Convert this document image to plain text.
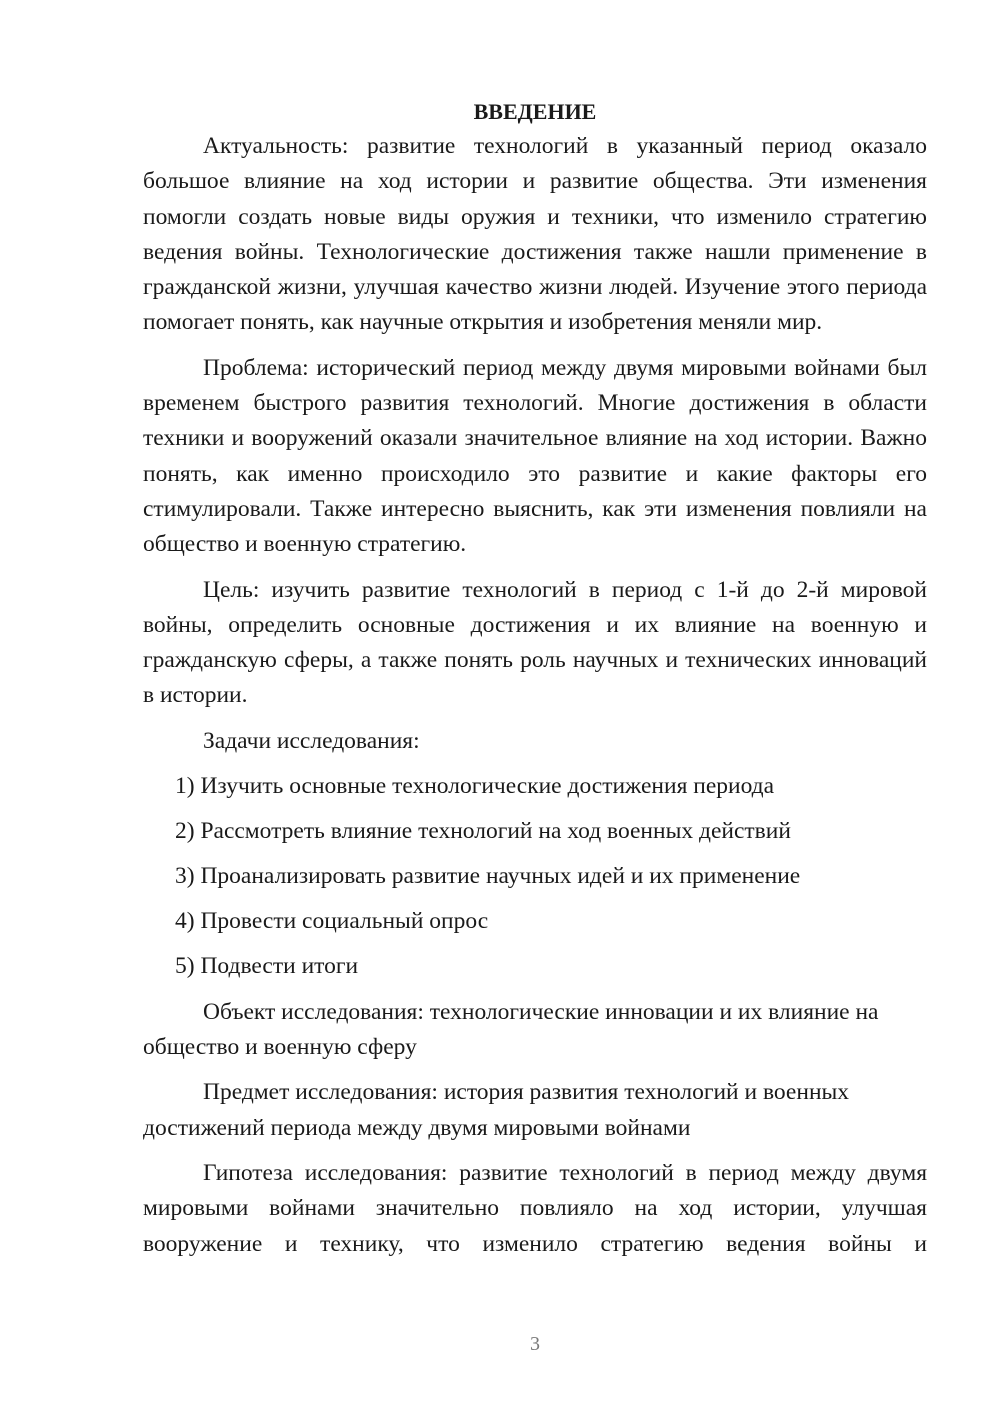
ВВЕДЕНИЕ

Актуальность: развитие технологий в указанный период оказало большое влияние на ход истории и развитие общества. Эти изменения помогли создать новые виды оружия и техники, что изменило стратегию ведения войны. Технологические достижения также нашли применение в гражданской жизни, улучшая качество жизни людей. Изучение этого периода помогает понять, как научные открытия и изобретения меняли мир.

Проблема: исторический период между двумя мировыми войнами был временем быстрого развития технологий. Многие достижения в области техники и вооружений оказали значительное влияние на ход истории. Важно понять, как именно происходило это развитие и какие факторы его стимулировали. Также интересно выяснить, как эти изменения повлияли на общество и военную стратегию.

Цель: изучить развитие технологий в период с 1-й до 2-й мировой войны, определить основные достижения и их влияние на военную и гражданскую сферы, а также понять роль научных и технических инноваций в истории.

Задачи исследования:

1) Изучить основные технологические достижения периода
2) Рассмотреть влияние технологий на ход военных действий
3) Проанализировать развитие научных идей и их применение
4) Провести социальный опрос
5) Подвести итоги

Объект исследования: технологические инновации и их влияние на общество и военную сферу

Предмет исследования: история развития технологий и военных достижений периода между двумя мировыми войнами

Гипотеза исследования: развитие технологий в период между двумя мировыми войнами значительно повлияло на ход истории, улучшая вооружение и технику, что изменило стратегию ведения войны и

3
